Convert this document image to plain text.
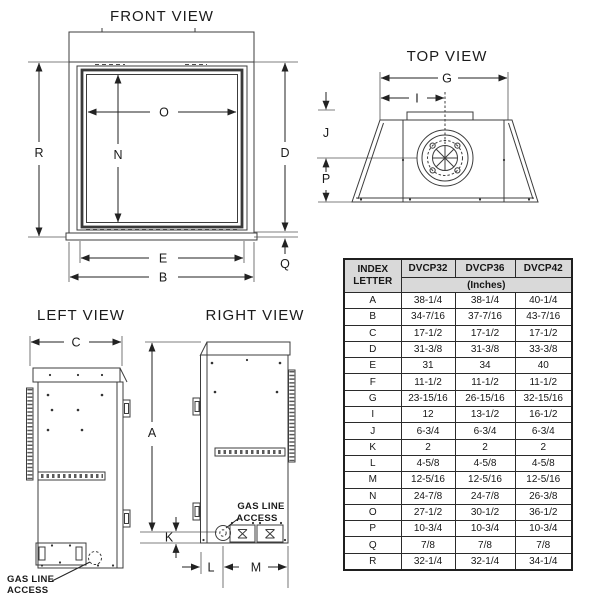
FRONT VIEW
R	N
O
D
Q
E
B
TOP VIEW
G
I
J
P
LEFT VIEW
C
GAS LINE
ACCESS
RIGHT VIEW
A
K
L	M
GAS LINE
ACCESS
INDEX
LETTER	DVCP32	DVCP36	DVCP42
	(Inches)		
A	38-1/4	38-1/4	40-1/4
B	34-7/16	37-7/16	43-7/16
C	17-1/2	17-1/2	17-1/2
D	31-3/8	31-3/8	33-3/8
E	31	34	40
F	11-1/2	11-1/2	11-1/2
G	23-15/16	26-15/16	32-15/16
I	12	13-1/2	16-1/2
J	6-3/4	6-3/4	6-3/4
K	2	2	2
L	4-5/8	4-5/8	4-5/8
M	12-5/16	12-5/16	12-5/16
N	24-7/8	24-7/8	26-3/8
O	27-1/2	30-1/2	36-1/2
P	10-3/4	10-3/4	10-3/4
Q	7/8	7/8	7/8
R	32-1/4	32-1/4	34-1/4
